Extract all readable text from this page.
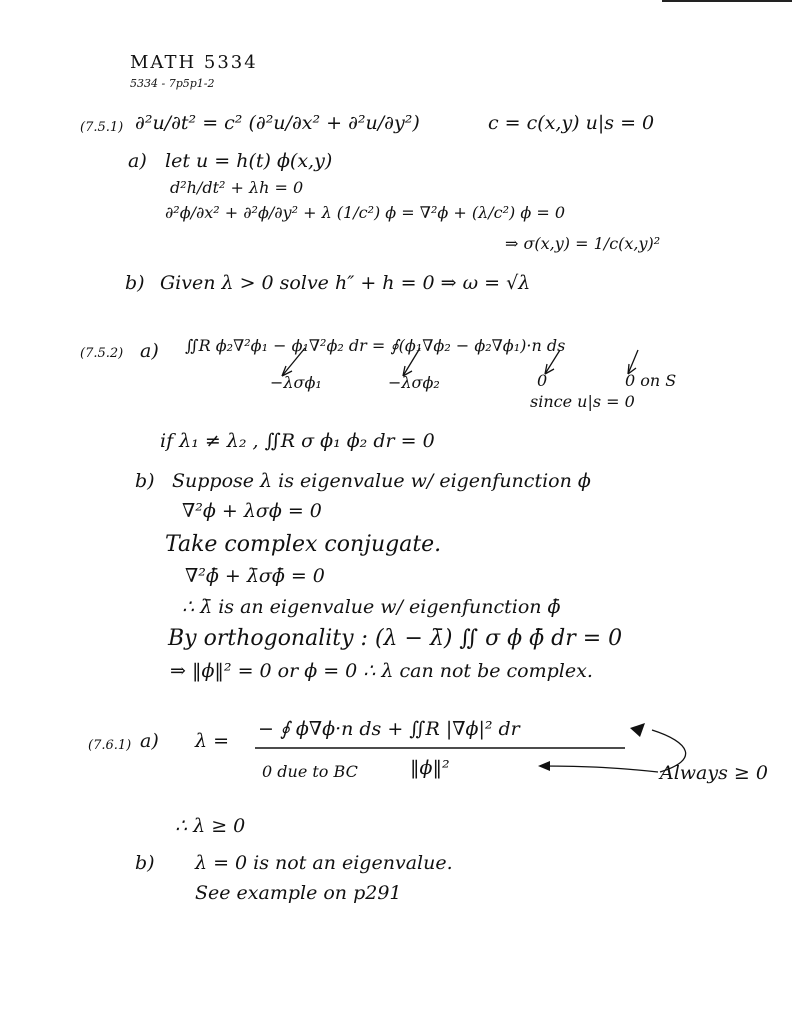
MATH 5334
5334 - 7p5p1-2
(7.5.1) ∂²u/∂t² = c² (∂²u/∂x² + ∂²u/∂y²)	c = c(x,y) u|s = 0
a) let u = h(t) ϕ(x,y)
d²h/dt² + λh = 0
∂²ϕ/∂x² + ∂²ϕ/∂y² + λ (1/c²) ϕ = ∇²ϕ + (λ/c²) ϕ = 0
⇒ σ(x,y) = 1/c(x,y)²
b) Given λ > 0 solve h″ + h = 0 ⇒ ω = √λ
(7.5.2) a) ∬R ϕ₂∇²ϕ₁ − ϕ₁∇²ϕ₂ dr = ∮(ϕ₁∇ϕ₂ − ϕ₂∇ϕ₁)·n ds
−λσϕ₁	−λσϕ₂	0	0 on S
since u|s = 0
if λ₁ ≠ λ₂ , ∬R σ ϕ₁ ϕ₂ dr = 0
b) Suppose λ is eigenvalue w/ eigenfunction ϕ
∇²ϕ + λσϕ = 0
Take complex conjugate.
∇²ϕ̄ + λ̄σϕ̄ = 0
∴ λ̄ is an eigenvalue w/ eigenfunction ϕ̄
By orthogonality : (λ − λ̄) ∬ σ ϕ ϕ̄ dr = 0
⇒ ‖ϕ‖² = 0 or ϕ = 0 ∴ λ can not be complex.
(7.6.1) a) λ =
− ∮ ϕ∇ϕ·n ds + ∬R |∇ϕ|² dr
‖ϕ‖²
0 due to BC	Always ≥ 0
∴ λ ≥ 0
b) λ = 0 is not an eigenvalue.
See example on p291
